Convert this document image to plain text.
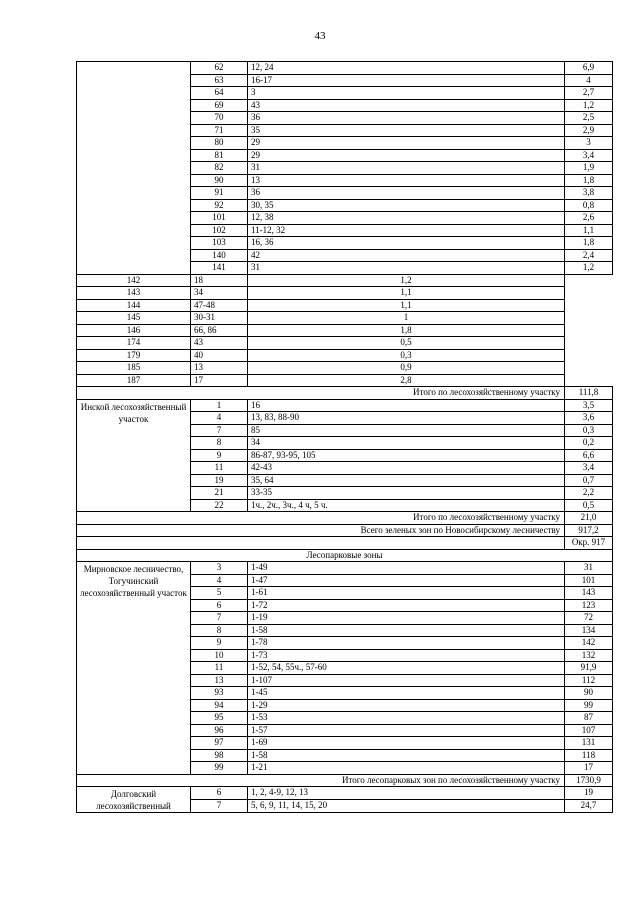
43
	62	12, 24	6,9
	63	16-17	4
	64	3	2,7
	69	43	1,2
	70	36	2,5
	71	35	2,9
	80	29	3
	81	29	3,4
	82	31	1,9
	90	13	1,8
	91	36	3,8
	92	30, 35	0,8
	101	12, 38	2,6
	102	11-12, 32	1,1
	103	16, 36	1,8
	140	42	2,4
	141	31	1,2
142	18	1,2	
143	34	1,1	
144	47-48	1,1	
145	30-31	1	
146	66, 86	1,8	
174	43	0,5	
179	40	0,3	
185	13	0,9	
187	17	2,8	
Итого по лесохозяйственному участку			111,8
Инской лесохозяйственный участок	1	16	3,5
	4	13, 83, 88-90	3,6
	7	85	0,3
	8	34	0,2
	9	86-87, 93-95, 105	6,6
	11	42-43	3,4
	19	35, 64	0,7
	21	33-35	2,2
	22	1ч., 2ч., 3ч., 4 ч, 5 ч.	0,5
Итого по лесохозяйственному участку			21,0
Всего зеленых зон по Новосибирскому лесничеству			917,2
			Окр. 917
Лесопарковые зоны			
Мирновское лесничество, Тогучинский лесохозяйственный участок	3	1-49	31
	4	1-47	101
	5	1-61	143
	6	1-72	123
	7	1-19	72
	8	1-58	134
	9	1-78	142
	10	1-73	132
	11	1-52, 54, 55ч., 57-60	91,9
	13	1-107	112
	93	1-45	90
	94	1-29	99
	95	1-53	87
	96	1-57	107
	97	1-69	131
	98	1-58	118
	99	1-21	17
Итого лесопарковых зон по лесохозяйственному участку			1730,9
Долговский лесохозяйственный	6	1, 2, 4-9, 12, 13	19
	7	5, 6, 9, 11, 14, 15, 20	24,7
